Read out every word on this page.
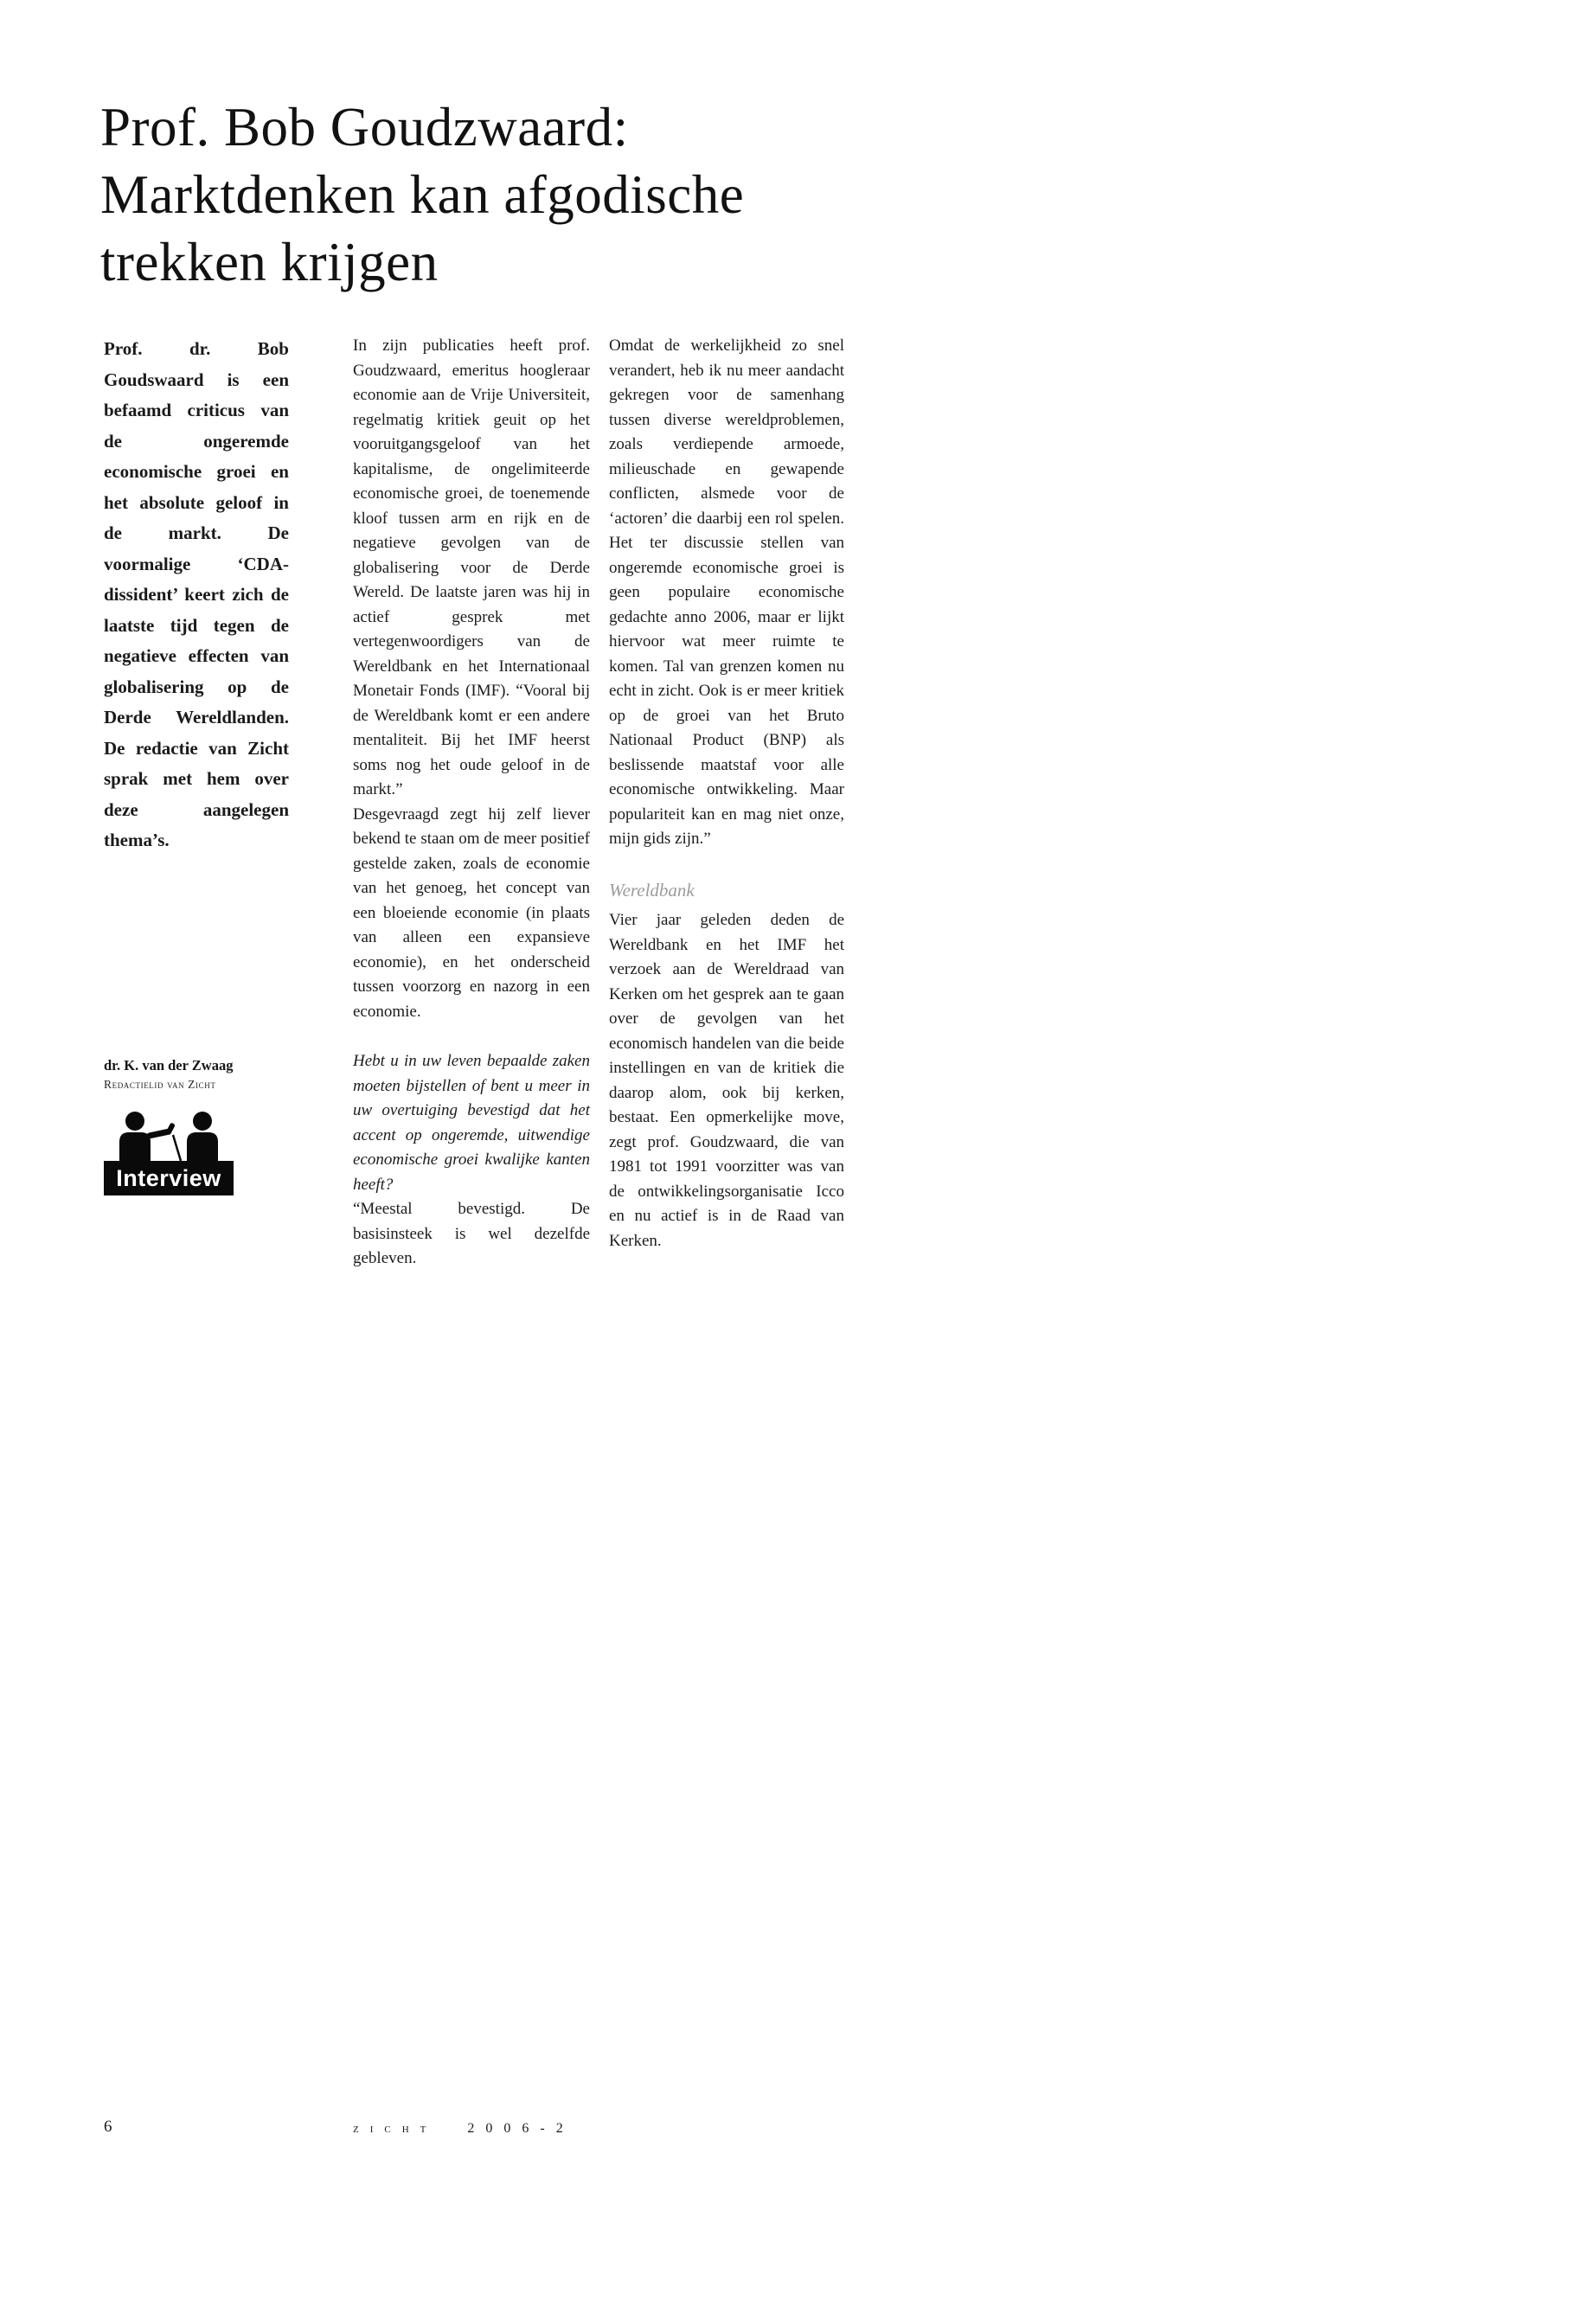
Prof. Bob Goudzwaard:
Marktdenken kan afgodische
trekken krijgen

Prof. dr. Bob Goudswaard is een befaamd criticus van de ongeremde economische groei en het absolute geloof in de markt. De voormalige ‘CDA-dissident’ keert zich de laatste tijd tegen de negatieve effecten van globalisering op de Derde Wereldlanden. De redactie van Zicht sprak met hem over deze aangelegen thema’s.

dr. K. van der Zwaag
Redactielid van Zicht
Interview

In zijn publicaties heeft prof. Goudzwaard, emeritus hoogleraar economie aan de Vrije Universiteit, regelmatig kritiek geuit op het vooruitgangsgeloof van het kapitalisme, de ongelimiteerde economische groei, de toenemende kloof tussen arm en rijk en de negatieve gevolgen van de globalisering voor de Derde Wereld. De laatste jaren was hij in actief gesprek met vertegenwoordigers van de Wereldbank en het Internationaal Monetair Fonds (IMF). “Vooral bij de Wereldbank komt er een andere mentaliteit. Bij het IMF heerst soms nog het oude geloof in de markt.”

Desgevraagd zegt hij zelf liever bekend te staan om de meer positief gestelde zaken, zoals de economie van het genoeg, het concept van een bloeiende economie (in plaats van alleen een expansieve economie), en het onderscheid tussen voorzorg en nazorg in een economie.

Hebt u in uw leven bepaalde zaken moeten bijstellen of bent u meer in uw overtuiging bevestigd dat het accent op ongeremde, uitwendige economische groei kwalijke kanten heeft?

“Meestal bevestigd. De basisinsteek is wel dezelfde gebleven.

Omdat de werkelijkheid zo snel verandert, heb ik nu meer aandacht gekregen voor de samenhang tussen diverse wereldproblemen, zoals verdiepende armoede, milieuschade en gewapende conflicten, alsmede voor de ‘actoren’ die daarbij een rol spelen. Het ter discussie stellen van ongeremde economische groei is geen populaire economische gedachte anno 2006, maar er lijkt hiervoor wat meer ruimte te komen. Tal van grenzen komen nu echt in zicht. Ook is er meer kritiek op de groei van het Bruto Nationaal Product (BNP) als beslissende maatstaf voor alle economische ontwikkeling. Maar populariteit kan en mag niet onze, mijn gids zijn.”

Wereldbank

Vier jaar geleden deden de Wereldbank en het IMF het verzoek aan de Wereldraad van Kerken om het gesprek aan te gaan over de gevolgen van het economisch handelen van die beide instellingen en van de kritiek die daarop alom, ook bij kerken, bestaat. Een opmerkelijke move, zegt prof. Goudzwaard, die van 1981 tot 1991 voorzitter was van de ontwikkelingsorganisatie Icco en nu actief is in de Raad van Kerken.

6	zicht 2006-2
